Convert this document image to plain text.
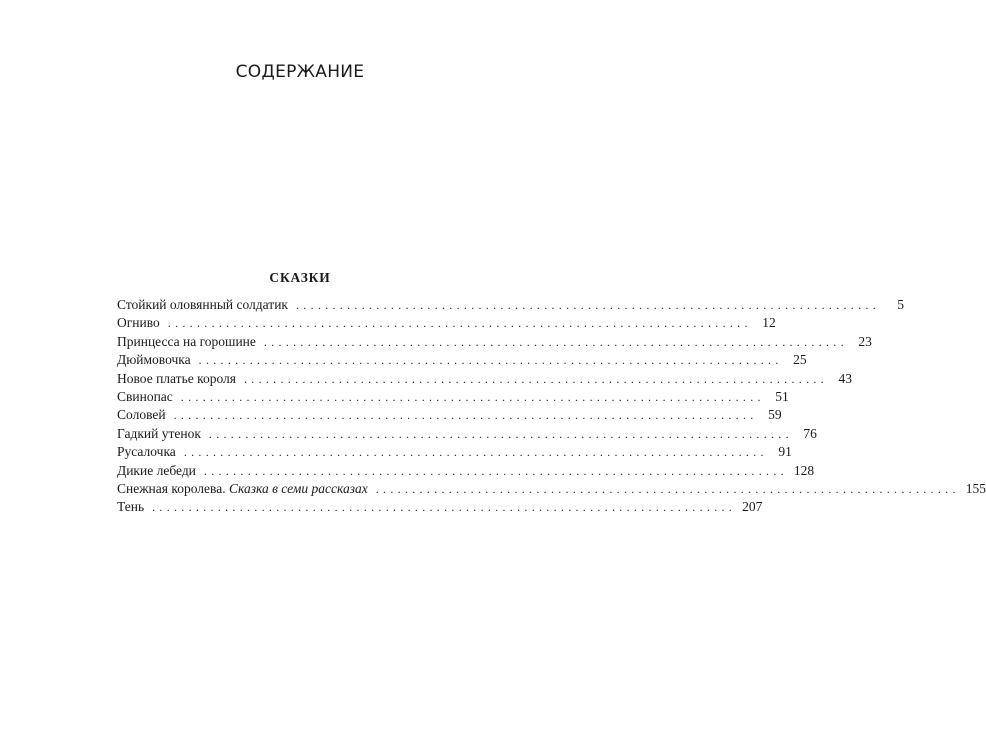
СОДЕРЖАНИЕ
СКАЗКИ
Стойкий оловянный солдатик ................................................................................	5
Огниво ................................................................................ 12
Принцесса на горошине ................................................................................ 23
Дюймовочка ................................................................................ 25
Новое платье короля ................................................................................ 43
Свинопас ................................................................................ 51
Соловей ................................................................................ 59
Гадкий утенок ................................................................................ 76
Русалочка ................................................................................ 91
Дикие лебеди ................................................................................ 128
Снежная королева. Сказка в семи рассказах ................................................................................ 155
Тень ................................................................................ 207
